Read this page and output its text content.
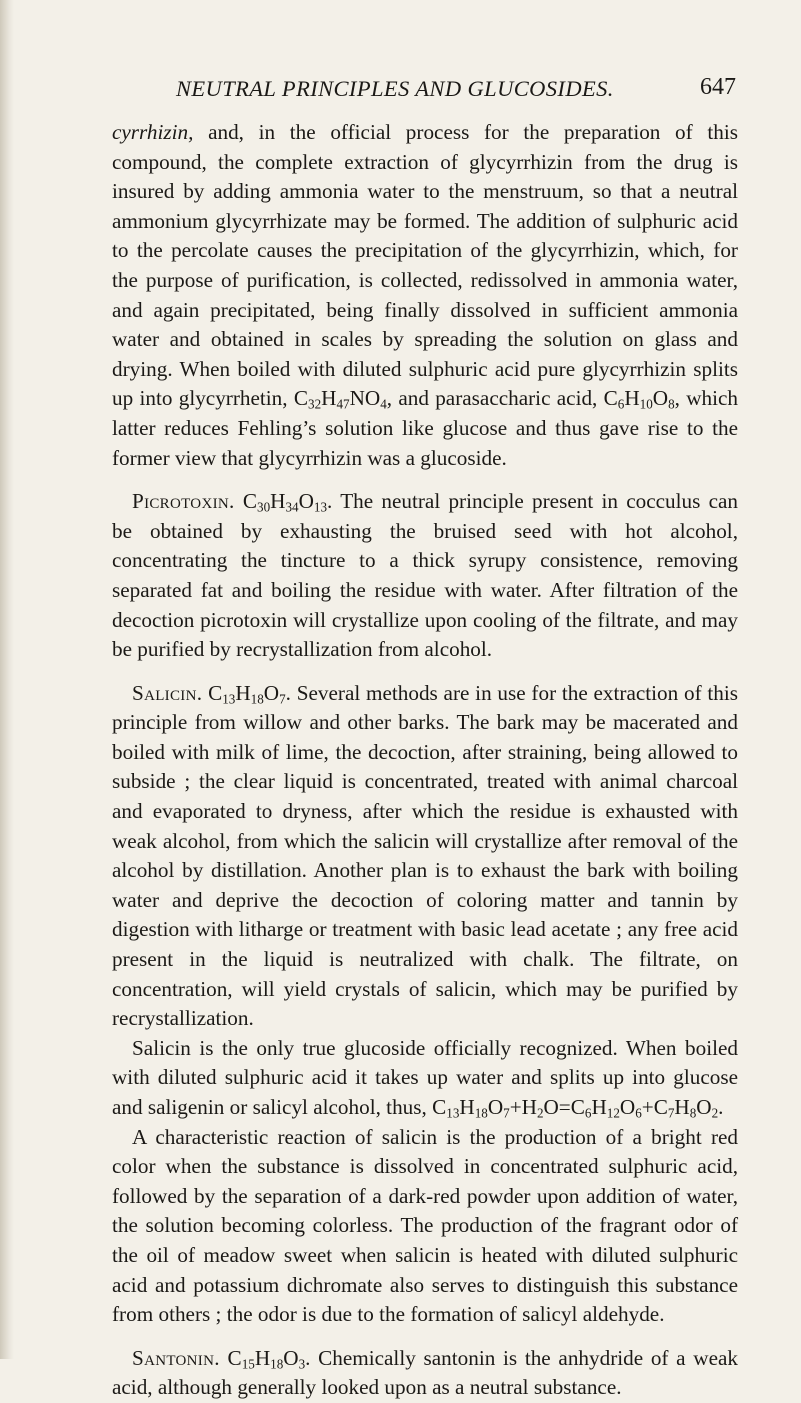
NEUTRAL PRINCIPLES AND GLUCOSIDES.	647

cyrrhizin, and, in the official process for the preparation of this compound, the complete extraction of glycyrrhizin from the drug is insured by adding ammonia water to the menstruum, so that a neutral ammonium glycyrrhizate may be formed. The addition of sulphuric acid to the percolate causes the precipitation of the glycyrrhizin, which, for the purpose of purification, is collected, redissolved in ammonia water, and again precipitated, being finally dissolved in sufficient ammonia water and obtained in scales by spreading the solution on glass and drying. When boiled with diluted sulphuric acid pure glycyrrhizin splits up into glycyrrhetin, $C_{32}H_{47}NO_4$, and parasaccharic acid, $C_6H_{10}O_8$, which latter reduces Fehling’s solution like glucose and thus gave rise to the former view that glycyrrhizin was a glucoside.

Picrotoxin. $C_{30}H_{34}O_{13}$. The neutral principle present in cocculus can be obtained by exhausting the bruised seed with hot alcohol, concentrating the tincture to a thick syrupy consistence, removing separated fat and boiling the residue with water. After filtration of the decoction picrotoxin will crystallize upon cooling of the filtrate, and may be purified by recrystallization from alcohol.

Salicin. $C_{13}H_{18}O_7$. Several methods are in use for the extraction of this principle from willow and other barks. The bark may be macerated and boiled with milk of lime, the decoction, after straining, being allowed to subside ; the clear liquid is concentrated, treated with animal charcoal and evaporated to dryness, after which the residue is exhausted with weak alcohol, from which the salicin will crystallize after removal of the alcohol by distillation. Another plan is to exhaust the bark with boiling water and deprive the decoction of coloring matter and tannin by digestion with litharge or treatment with basic lead acetate ; any free acid present in the liquid is neutralized with chalk. The filtrate, on concentration, will yield crystals of salicin, which may be purified by recrystallization.

Salicin is the only true glucoside officially recognized. When boiled with diluted sulphuric acid it takes up water and splits up into glucose and saligenin or salicyl alcohol, thus, $C_{13}H_{18}O_7+H_2O=C_6H_{12}O_6+C_7H_8O_2$.

A characteristic reaction of salicin is the production of a bright red color when the substance is dissolved in concentrated sulphuric acid, followed by the separation of a dark-red powder upon addition of water, the solution becoming colorless. The production of the fragrant odor of the oil of meadow sweet when salicin is heated with diluted sulphuric acid and potassium dichromate also serves to distinguish this substance from others ; the odor is due to the formation of salicyl aldehyde.

Santonin. $C_{15}H_{18}O_3$. Chemically santonin is the anhydride of a weak acid, although generally looked upon as a neutral substance.
